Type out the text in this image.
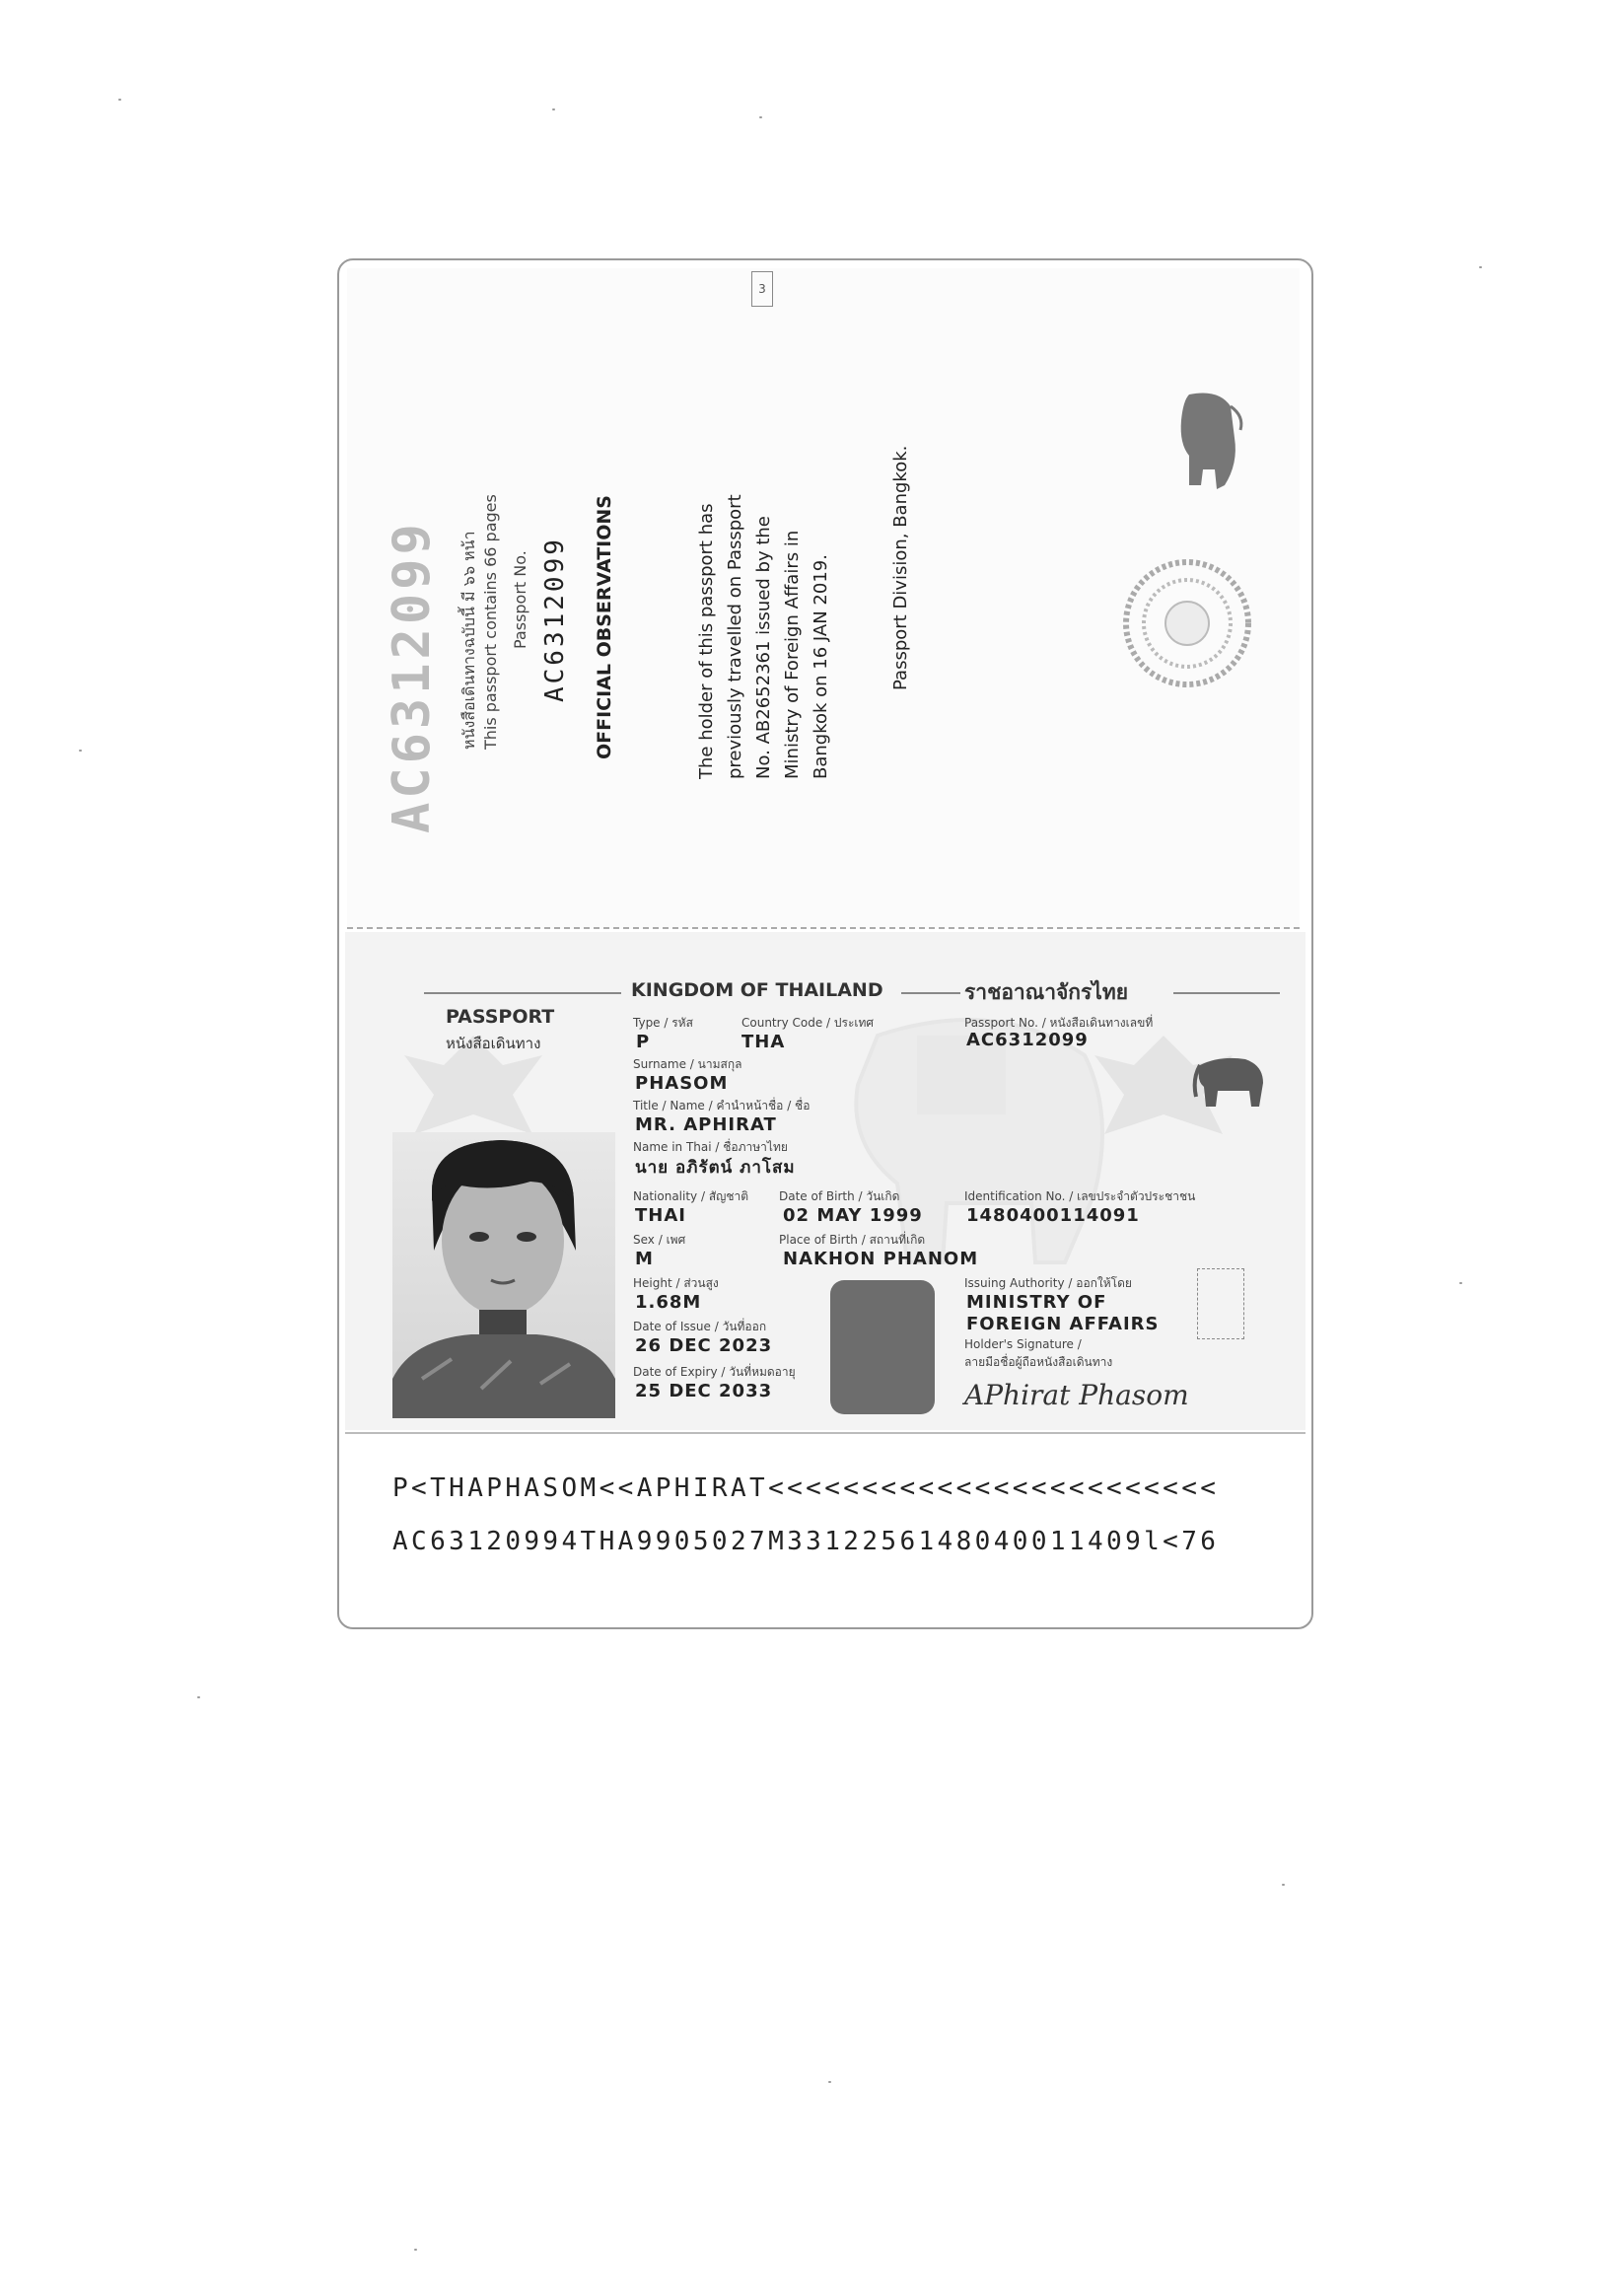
3
AC6312099 หนังสือเดินทางฉบับนี้ มี ๖๖ หน้า This passport contains 66 pages Passport No. AC6312099 OFFICIAL OBSERVATIONS	The holder of this passport has previously travelled on Passport No. AB2652361 issued by the Ministry of Foreign Affairs in Bangkok on 16 JAN 2019.	Passport Division, Bangkok.
KINGDOM OF THAILAND	ราชอาณาจักรไทย
PASSPORT
หนังสือเดินทาง
Type / รหัส	Country Code / ประเทศ	Passport No. / หนังสือเดินทางเลขที่
P	THA	AC6312099
Surname / นามสกุล
PHASOM
Title / Name / คำนำหน้าชื่อ / ชื่อ
MR. APHIRAT
Name in Thai / ชื่อภาษาไทย
นาย อภิรัตน์ ภาโสม
Nationality / สัญชาติ	Date of Birth / วันเกิด	Identification No. / เลขประจำตัวประชาชน
THAI	02 MAY 1999 1480400114091
Sex / เพศ	Place of Birth / สถานที่เกิด
M	NAKHON PHANOM
Height / ส่วนสูง	Issuing Authority / ออกให้โดย
1.68M	MINISTRY OF
FOREIGN AFFAIRS
Date of Issue / วันที่ออก
26 DEC 2023	Holder's Signature /
ลายมือชื่อผู้ถือหนังสือเดินทาง
Date of Expiry / วันที่หมดอายุ
25 DEC 2033	APhirat Phasom
P<THAPHASOM<<APHIRAT<<<<<<<<<<<<<<<<<<<<<<<<
AC63120994THA9905027M3312256148040011409l<76
